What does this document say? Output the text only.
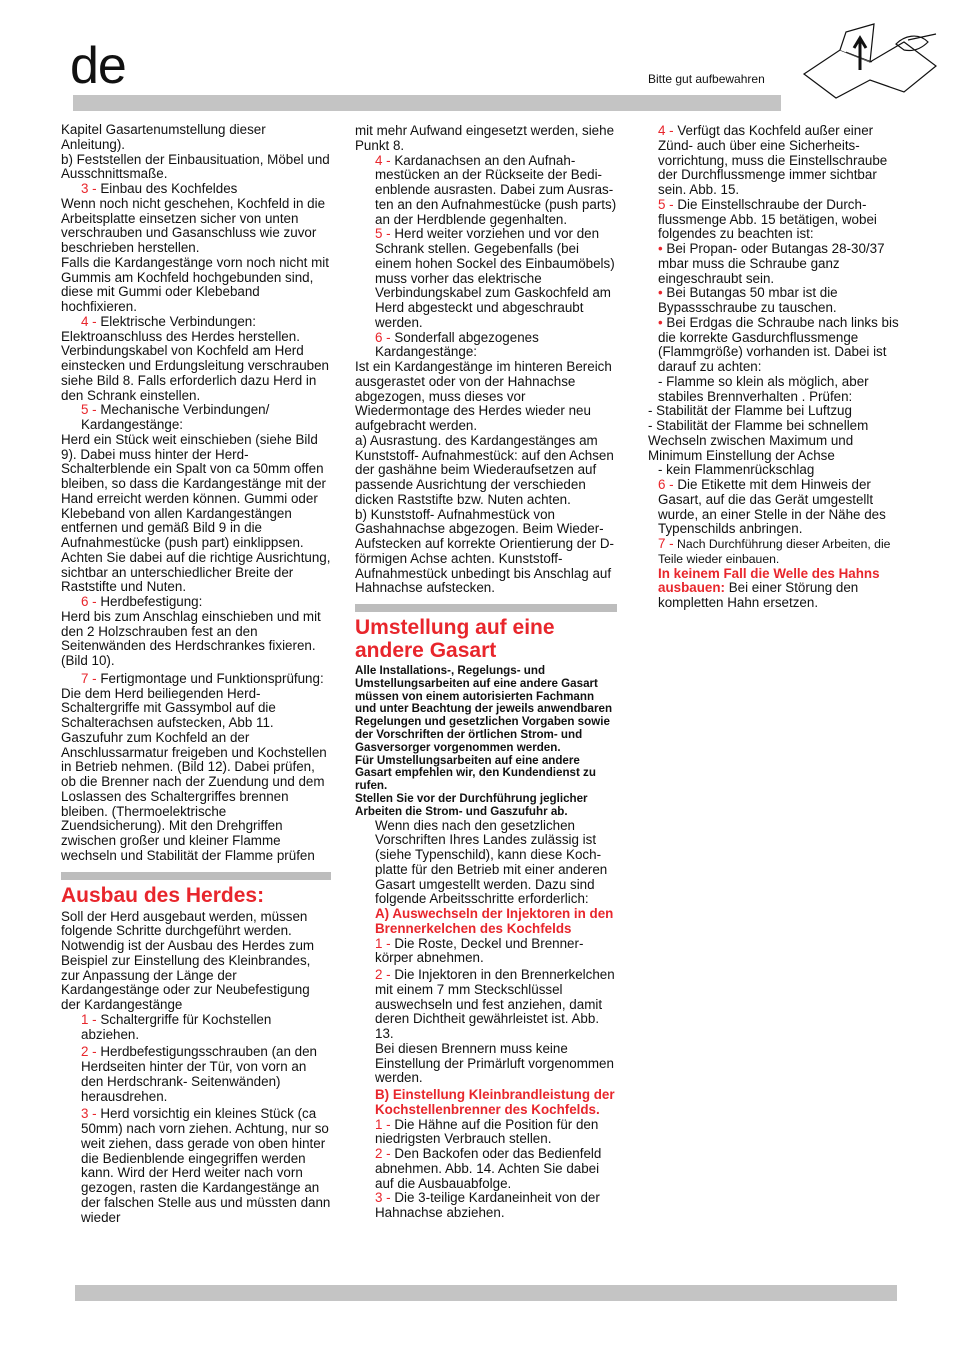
de	Bitte gut aufbewahren

Kapitel Gasartenumstellung dieser Anleitung).

b) Feststellen der Einbausituation, Möbel und Ausschnittsmaße.

3 - Einbau des Kochfeldes

Wenn noch nicht geschehen, Kochfeld in die Arbeitsplatte einsetzen sicher von unten verschrauben und Gasanschluss wie zuvor beschrieben herstellen.

Falls die Kardangestänge vorn noch nicht mit Gummis am Kochfeld hochgebunden sind, diese mit Gummi oder Klebeband hochfixieren.

4 - Elektrische Verbindungen:

Elektroanschluss des Herdes herstellen. Verbindungskabel von Kochfeld am Herd einstecken und Erdungsleitung verschrauben siehe Bild 8. Falls erforderlich dazu Herd in den Schrank einstellen.

5 - Mechanische Verbindungen/ Kardangestänge:

Herd ein Stück weit einschieben (siehe Bild 9). Dabei muss hinter der Herd- Schalterblende ein Spalt von ca 50mm offen bleiben, so dass die Kardangestänge mit der Hand erreicht werden können. Gummi oder Klebeband von allen Kardangestängen entfernen und gemäß Bild 9 in die Aufnahmestücke (push part) einklippsen. Achten Sie dabei auf die richtige Ausrichtung, sichtbar an unterschiedlicher Breite der Raststifte und Nuten.

6 - Herdbefestigung:

Herd bis zum Anschlag einschieben und mit den 2 Holzschrauben fest an den Seitenwänden des Herdschrankes fixieren. (Bild 10).

7 - Fertigmontage und Funktionsprüfung:

Die dem Herd beiliegenden Herd- Schaltergriffe mit Gassymbol auf die Schalterachsen aufstecken, Abb 11. Gaszufuhr zum Kochfeld an der Anschlussarmatur freigeben und Kochstellen in Betrieb nehmen. (Bild 12). Dabei prüfen, ob die Brenner nach der Zuendung und dem Loslassen des Schaltergriffes brennen bleiben. (Thermoelektrische Zuendsicherung). Mit den Drehgriffen zwischen großer und kleiner Flamme wechseln und Stabilität der Flamme prüfen

Ausbau des Herdes:

Soll der Herd ausgebaut werden, müssen folgende Schritte durchgeführt werden. Notwendig ist der Ausbau des Herdes zum Beispiel zur Einstellung des Kleinbrandes, zur Anpassung der Länge der Kardangestänge oder zur Neubefestigung der Kardangestänge

1 - Schaltergriffe für Kochstellen abziehen.

2 - Herdbefestigungsschrauben (an den Herdseiten hinter der Tür, von vorn an den Herdschrank- Seitenwänden) herausdrehen.

3 - Herd vorsichtig ein kleines Stück (ca 50mm) nach vorn ziehen. Achtung, nur so weit ziehen, dass gerade von oben hinter die Bedienblende eingegriffen werden kann. Wird der Herd weiter nach vorn gezogen, rasten die Kardangestänge an der falschen Stelle aus und müssten dann wieder

mit mehr Aufwand eingesetzt werden, siehe Punkt 8.

4 - Kardanachsen an den Aufnah- mestücken an der Rückseite der Bedi- enblende ausrasten. Dabei zum Ausras- ten an den Aufnahmestücke (push parts) an der Herdblende gegenhalten.

5 - Herd weiter vorziehen und vor den Schrank stellen. Gegebenfalls (bei einem hohen Sockel des Einbaumöbels) muss vorher das elektrische Verbindungskabel zum Gaskochfeld am Herd abgesteckt und abgeschraubt werden.

6 - Sonderfall abgezogenes Kardangestänge:

Ist ein Kardangestänge im hinteren Bereich ausgerastet oder von der Hahnachse abgezogen, muss dieses vor Wiedermontage des Herdes wieder neu aufgebracht werden.

a) Ausrastung. des Kardangestänges am Kunststoff- Aufnahmestück: auf den Achsen der gashähne beim Wiederaufsetzen auf passende Ausrichtung der verschieden dicken Raststifte bzw. Nuten achten.

b) Kunststoff- Aufnahmestück von Gashahnachse abgezogen. Beim Wieder- Aufstecken auf korrekte Orientierung der D- förmigen Achse achten. Kunststoff- Aufnahmestück unbedingt bis Anschlag auf Hahnachse aufstecken.

Umstellung auf eine andere Gasart

Alle Installations-, Regelungs- und Umstellungsarbeiten auf eine andere Gasart müssen von einem autorisierten Fachmann und unter Beachtung der jeweils anwendbaren Regelungen und gesetzlichen Vorgaben sowie der Vorschriften der örtlichen Strom- und Gasversorger vorgenommen werden.

Für Umstellungsarbeiten auf eine andere Gasart empfehlen wir, den Kundendienst zu rufen.

Stellen Sie vor der Durchführung jeglicher Arbeiten die Strom- und Gaszufuhr ab.

Wenn dies nach den gesetzlichen Vorschriften Ihres Landes zulässig ist (siehe Typenschild), kann diese Koch- platte für den Betrieb mit einer anderen Gasart umgestellt werden. Dazu sind folgende Arbeitsschritte erforderlich:

A) Auswechseln der Injektoren in den Brennerkelchen des Kochfelds

1 - Die Roste, Deckel und Brenner- körper abnehmen.

2 - Die Injektoren in den Brennerkelchen mit einem 7 mm Steckschlüssel auswechseln und fest anziehen, damit deren Dichtheit gewährleistet ist. Abb. 13.

Bei diesen Brennern muss keine Einstellung der Primärluft vorgenommen werden.

B) Einstellung Kleinbrandleistung der Kochstellenbrenner des Kochfelds.

1 - Die Hähne auf die Position für den niedrigsten Verbrauch stellen.

2 - Den Backofen oder das Bedienfeld abnehmen. Abb. 14. Achten Sie dabei auf die Ausbauabfolge.

3 - Die 3-teilige Kardaneinheit von der Hahnachse abziehen.

4 - Verfügt das Kochfeld außer einer Zünd- auch über eine Sicherheits- vorrichtung, muss die Einstellschraube der Durchflussmenge immer sichtbar sein. Abb. 15.

5 - Die Einstellschraube der Durch- flussmenge Abb. 15 betätigen, wobei folgendes zu beachten ist:

• Bei Propan- oder Butangas 28-30/37 mbar muss die Schraube ganz eingeschraubt sein.

• Bei Butangas 50 mbar ist die Bypassschraube zu tauschen.

• Bei Erdgas die Schraube nach links bis die korrekte Gasdurchflussmenge (Flammgröße) vorhanden ist. Dabei ist darauf zu achten:

- Flamme so klein als möglich, aber stabiles Brennverhalten . Prüfen:

- Stabilität der Flamme bei Luftzug

- Stabilität der Flamme bei schnellem Wechseln zwischen Maximum und Minimum Einstellung der Achse

- kein Flammenrückschlag

6 - Die Etikette mit dem Hinweis der Gasart, auf die das Gerät umgestellt wurde, an einer Stelle in der Nähe des Typenschilds anbringen.

7 - Nach Durchführung dieser Arbeiten, die Teile wieder einbauen.

In keinem Fall die Welle des Hahns ausbauen: Bei einer Störung den kompletten Hahn ersetzen.
